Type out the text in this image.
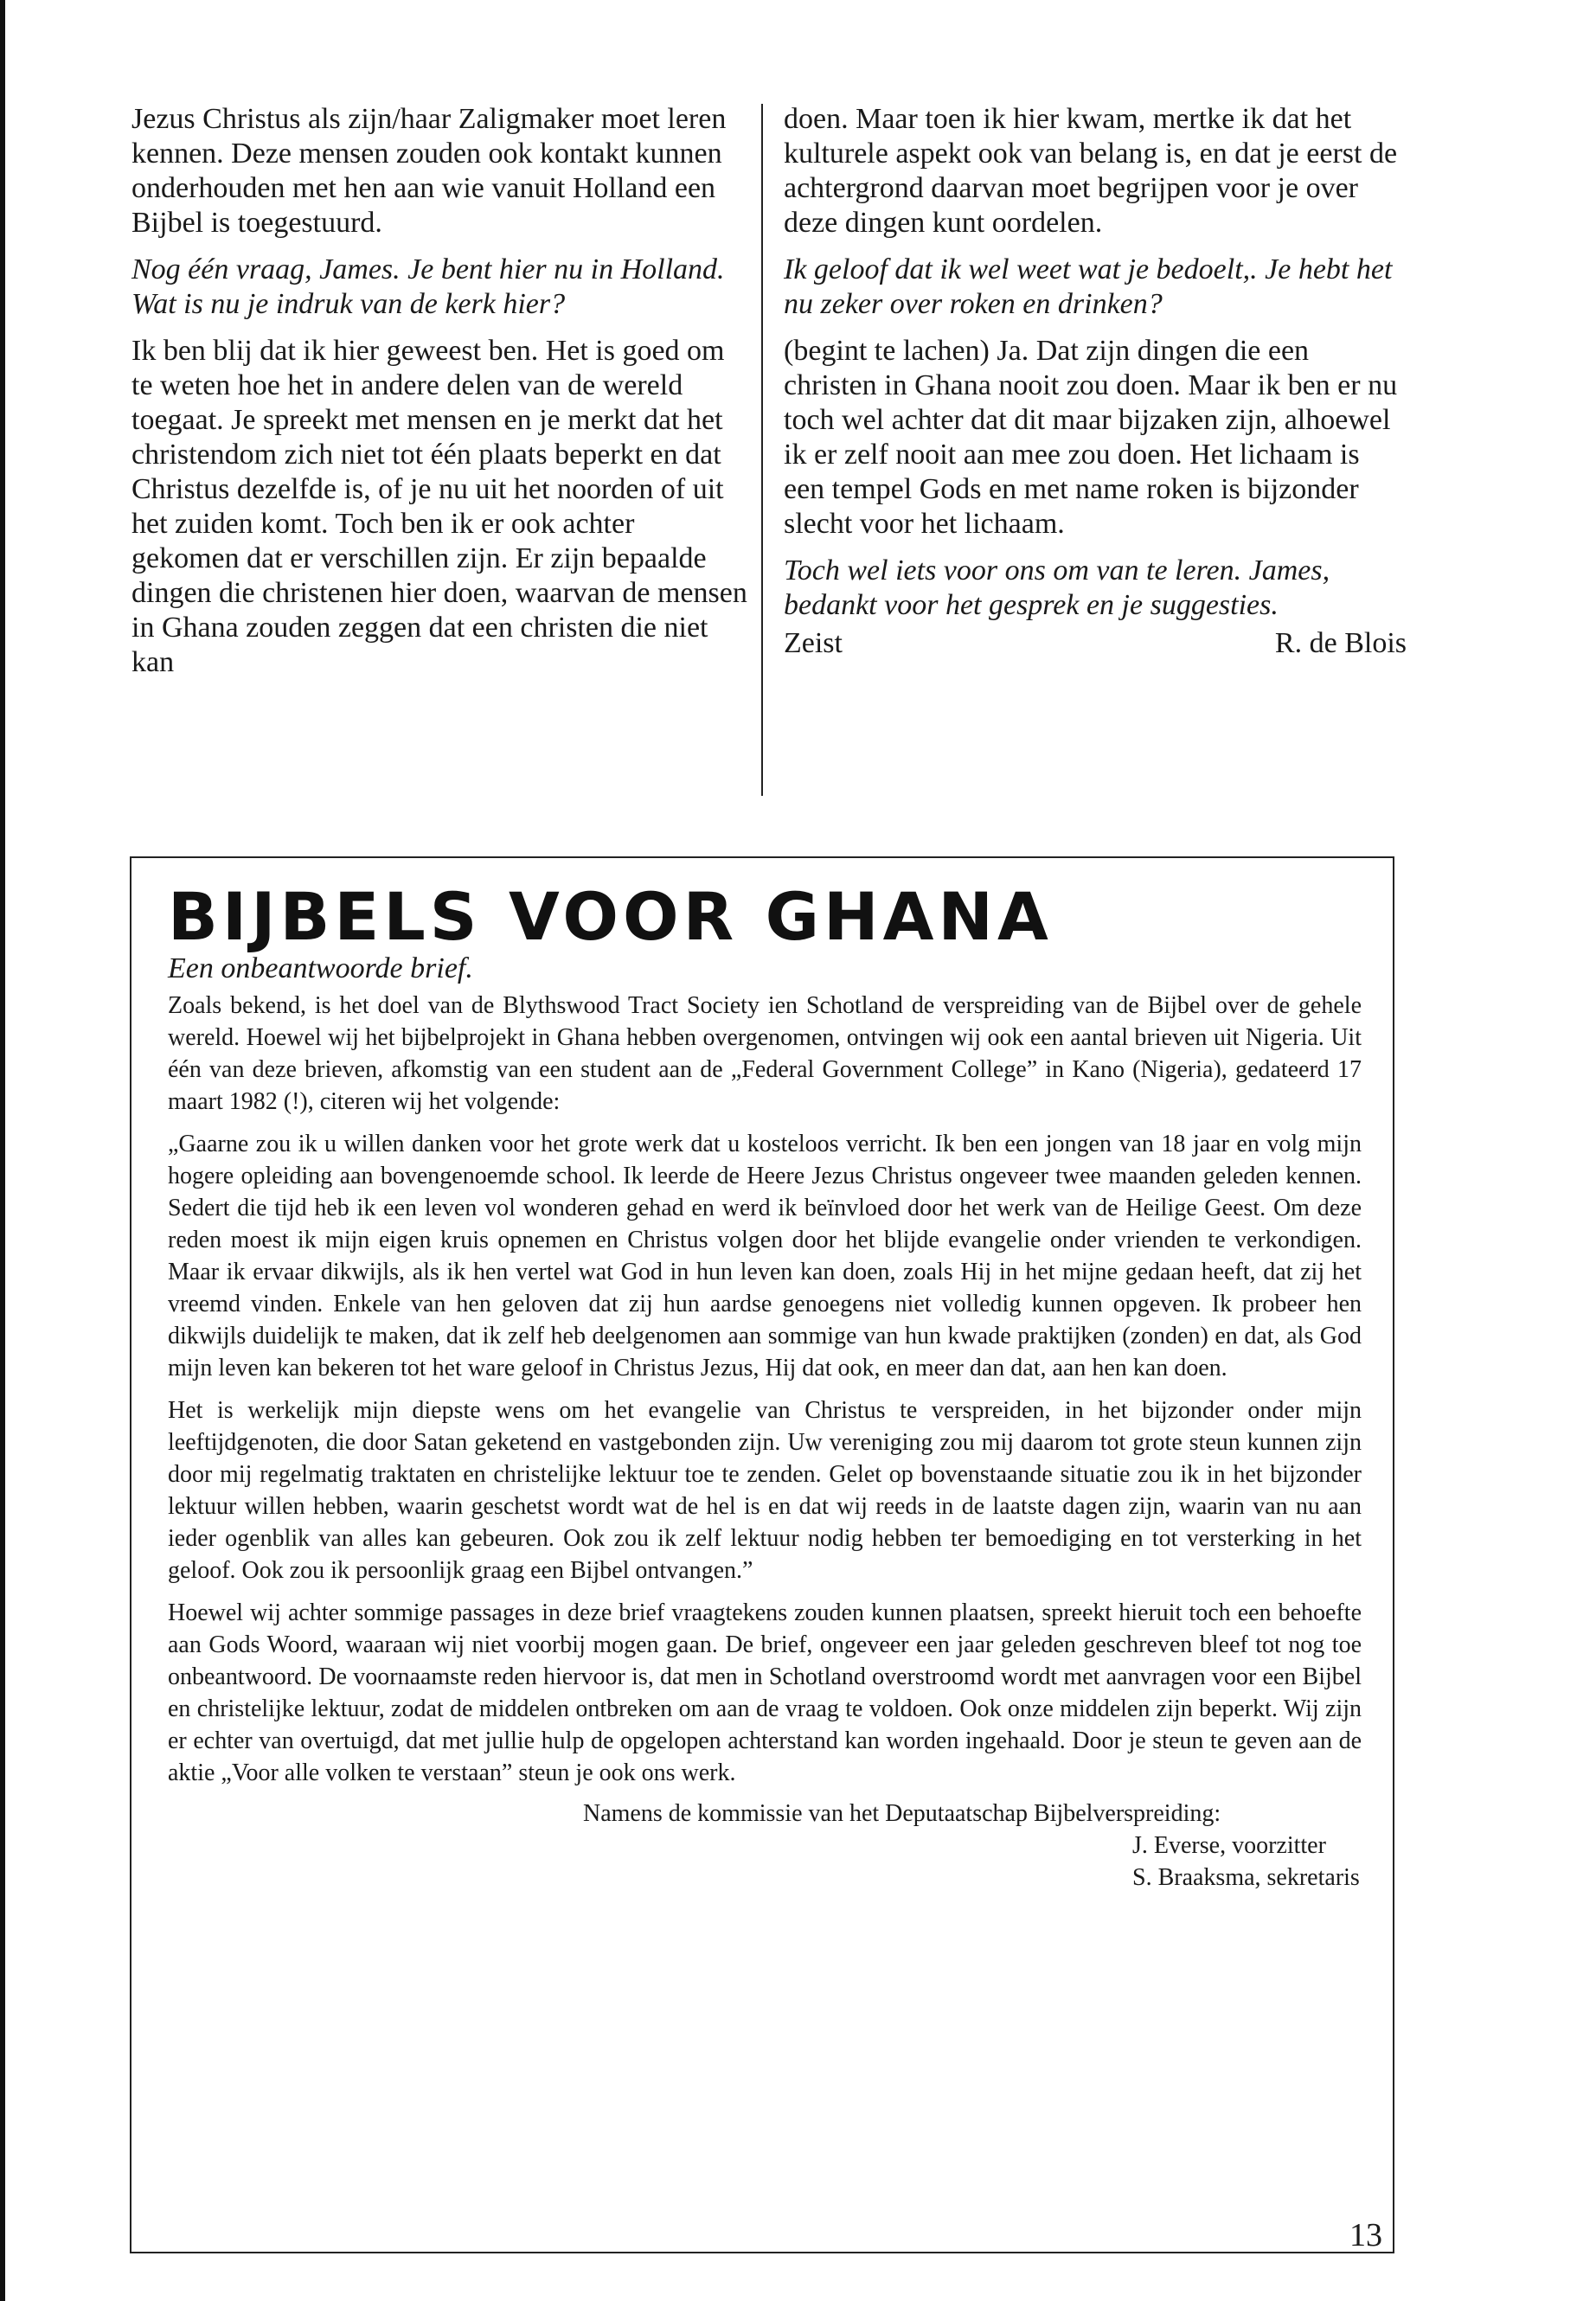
Jezus Christus als zijn/haar Zaligmaker moet leren kennen. Deze mensen zouden ook kontakt kunnen onderhouden met hen aan wie vanuit Holland een Bijbel is toegestuurd.

Nog één vraag, James. Je bent hier nu in Holland. Wat is nu je indruk van de kerk hier?

Ik ben blij dat ik hier geweest ben. Het is goed om te weten hoe het in andere delen van de wereld toegaat. Je spreekt met mensen en je merkt dat het christendom zich niet tot één plaats beperkt en dat Christus dezelfde is, of je nu uit het noorden of uit het zuiden komt. Toch ben ik er ook achter gekomen dat er verschillen zijn. Er zijn bepaalde dingen die christenen hier doen, waarvan de mensen in Ghana zouden zeggen dat een christen die niet kan

doen. Maar toen ik hier kwam, mertke ik dat het kulturele aspekt ook van belang is, en dat je eerst de achtergrond daarvan moet begrijpen voor je over deze dingen kunt oordelen.

Ik geloof dat ik wel weet wat je bedoelt,. Je hebt het nu zeker over roken en drinken?

(begint te lachen) Ja. Dat zijn dingen die een christen in Ghana nooit zou doen. Maar ik ben er nu toch wel achter dat dit maar bijzaken zijn, alhoewel ik er zelf nooit aan mee zou doen. Het lichaam is een tempel Gods en met name roken is bijzonder slecht voor het lichaam.

Toch wel iets voor ons om van te leren. James, bedankt voor het gesprek en je suggesties.

Zeist	R. de Blois
BIJBELS VOOR GHANA
Een onbeantwoorde brief.

Zoals bekend, is het doel van de Blythswood Tract Society ien Schotland de verspreiding van de Bijbel over de gehele wereld. Hoewel wij het bijbelprojekt in Ghana hebben overgenomen, ontvingen wij ook een aantal brieven uit Nigeria. Uit één van deze brieven, afkomstig van een student aan de „Federal Government College” in Kano (Nigeria), gedateerd 17 maart 1982 (!), citeren wij het volgende:

„Gaarne zou ik u willen danken voor het grote werk dat u kosteloos verricht. Ik ben een jongen van 18 jaar en volg mijn hogere opleiding aan bovengenoemde school. Ik leerde de Heere Jezus Christus ongeveer twee maanden geleden kennen. Sedert die tijd heb ik een leven vol wonderen gehad en werd ik beïnvloed door het werk van de Heilige Geest. Om deze reden moest ik mijn eigen kruis opnemen en Christus volgen door het blijde evangelie onder vrienden te verkondigen. Maar ik ervaar dikwijls, als ik hen vertel wat God in hun leven kan doen, zoals Hij in het mijne gedaan heeft, dat zij het vreemd vinden. Enkele van hen geloven dat zij hun aardse genoegens niet volledig kunnen opgeven. Ik probeer hen dikwijls duidelijk te maken, dat ik zelf heb deelgenomen aan sommige van hun kwade praktijken (zonden) en dat, als God mijn leven kan bekeren tot het ware geloof in Christus Jezus, Hij dat ook, en meer dan dat, aan hen kan doen.

Het is werkelijk mijn diepste wens om het evangelie van Christus te verspreiden, in het bijzonder onder mijn leeftijdgenoten, die door Satan geketend en vastgebonden zijn. Uw vereniging zou mij daarom tot grote steun kunnen zijn door mij regelmatig traktaten en christelijke lektuur toe te zenden. Gelet op bovenstaande situatie zou ik in het bijzonder lektuur willen hebben, waarin geschetst wordt wat de hel is en dat wij reeds in de laatste dagen zijn, waarin van nu aan ieder ogenblik van alles kan gebeuren. Ook zou ik zelf lektuur nodig hebben ter bemoediging en tot versterking in het geloof. Ook zou ik persoonlijk graag een Bijbel ontvangen.”

Hoewel wij achter sommige passages in deze brief vraagtekens zouden kunnen plaatsen, spreekt hieruit toch een behoefte aan Gods Woord, waaraan wij niet voorbij mogen gaan. De brief, ongeveer een jaar geleden geschreven bleef tot nog toe onbeantwoord. De voornaamste reden hiervoor is, dat men in Schotland overstroomd wordt met aanvragen voor een Bijbel en christelijke lektuur, zodat de middelen ontbreken om aan de vraag te voldoen. Ook onze middelen zijn beperkt. Wij zijn er echter van overtuigd, dat met jullie hulp de opgelopen achterstand kan worden ingehaald. Door je steun te geven aan de aktie „Voor alle volken te verstaan” steun je ook ons werk.

Namens de kommissie van het Deputaatschap Bijbelverspreiding:
J. Everse, voorzitter
S. Braaksma, sekretaris
13
